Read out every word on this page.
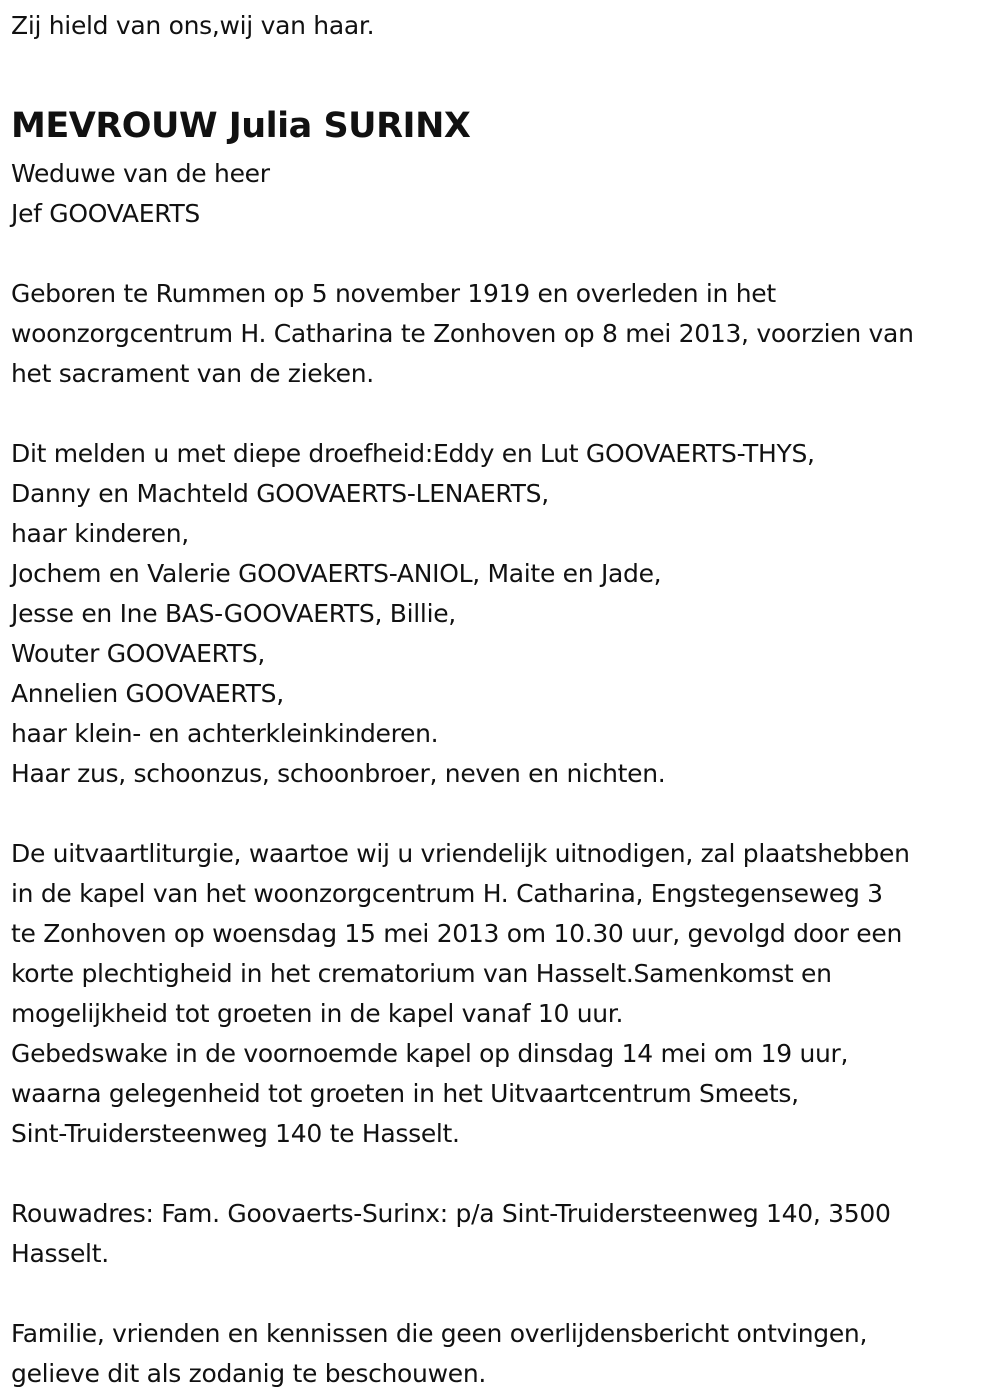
Zij hield van ons,wij van haar.
MEVROUW Julia SURINX
Weduwe van de heer
Jef GOOVAERTS
Geboren te Rummen op 5 november 1919 en overleden in het
woonzorgcentrum H. Catharina te Zonhoven op 8 mei 2013, voorzien van
het sacrament van de zieken.
Dit melden u met diepe droefheid:Eddy en Lut GOOVAERTS-THYS,
Danny en Machteld GOOVAERTS-LENAERTS,
haar kinderen,
Jochem en Valerie GOOVAERTS-ANIOL, Maite en Jade,
Jesse en Ine BAS-GOOVAERTS, Billie,
Wouter GOOVAERTS,
Annelien GOOVAERTS,
haar klein- en achterkleinkinderen.
Haar zus, schoonzus, schoonbroer, neven en nichten.
De uitvaartliturgie, waartoe wij u vriendelijk uitnodigen, zal plaatshebben
in de kapel van het woonzorgcentrum H. Catharina, Engstegenseweg 3
te Zonhoven op woensdag 15 mei 2013 om 10.30 uur, gevolgd door een
korte plechtigheid in het crematorium van Hasselt.Samenkomst en
mogelijkheid tot groeten in de kapel vanaf 10 uur.
Gebedswake in de voornoemde kapel op dinsdag 14 mei om 19 uur,
waarna gelegenheid tot groeten in het Uitvaartcentrum Smeets,
Sint-Truidersteenweg 140 te Hasselt.
Rouwadres: Fam. Goovaerts-Surinx: p/a Sint-Truidersteenweg 140, 3500
Hasselt.
Familie, vrienden en kennissen die geen overlijdensbericht ontvingen,
gelieve dit als zodanig te beschouwen.
